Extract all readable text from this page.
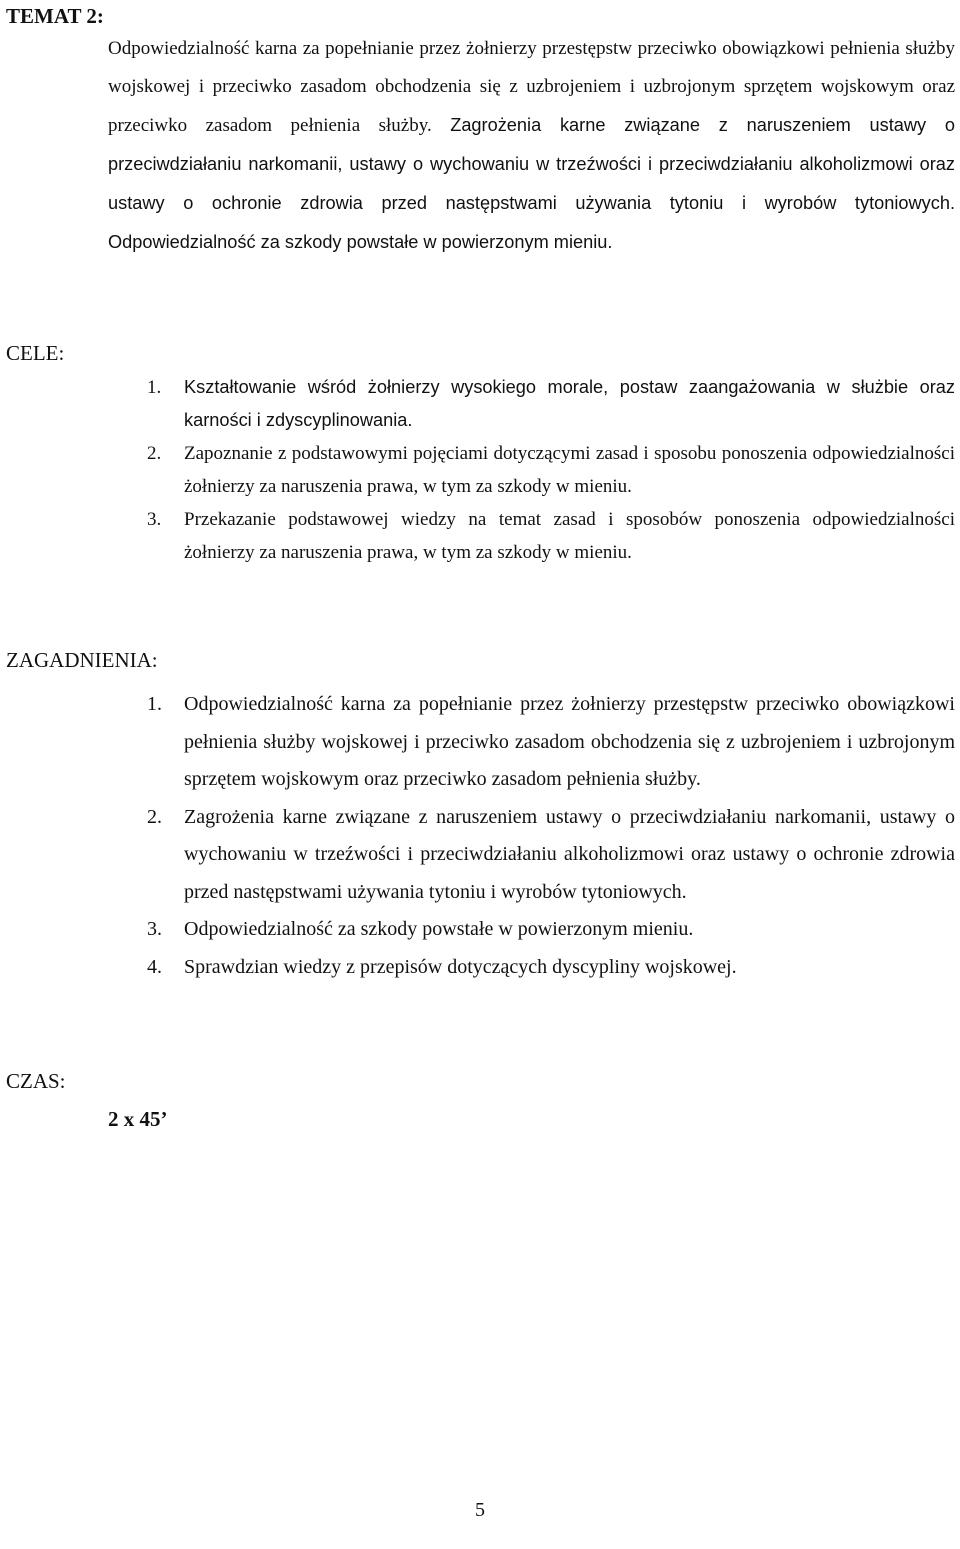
TEMAT 2:
Odpowiedzialność karna za popełnianie przez żołnierzy przestępstw przeciwko obowiązkowi pełnienia służby wojskowej i przeciwko zasadom obchodzenia się z uzbrojeniem i uzbrojonym sprzętem wojskowym oraz przeciwko zasadom pełnienia służby. Zagrożenia karne związane z naruszeniem ustawy o przeciwdziałaniu narkomanii, ustawy o wychowaniu w trzeźwości i przeciwdziałaniu alkoholizmowi oraz ustawy o ochronie zdrowia przed następstwami używania tytoniu i wyrobów tytoniowych. Odpowiedzialność za szkody powstałe w powierzonym mieniu.
CELE:
1. Kształtowanie wśród żołnierzy wysokiego morale, postaw zaangażowania w służbie oraz karności i zdyscyplinowania.
2. Zapoznanie z podstawowymi pojęciami dotyczącymi zasad i sposobu ponoszenia odpowiedzialności żołnierzy za naruszenia prawa, w tym za szkody w mieniu.
3. Przekazanie podstawowej wiedzy na temat zasad i sposobów ponoszenia odpowiedzialności żołnierzy za naruszenia prawa, w tym za szkody w mieniu.
ZAGADNIENIA:
1. Odpowiedzialność karna za popełnianie przez żołnierzy przestępstw przeciwko obowiązkowi pełnienia służby wojskowej i przeciwko zasadom obchodzenia się z uzbrojeniem i uzbrojonym sprzętem wojskowym oraz przeciwko zasadom pełnienia służby.
2. Zagrożenia karne związane z naruszeniem ustawy o przeciwdziałaniu narkomanii, ustawy o wychowaniu w trzeźwości i przeciwdziałaniu alkoholizmowi oraz ustawy o ochronie zdrowia przed następstwami używania tytoniu i wyrobów tytoniowych.
3. Odpowiedzialność za szkody powstałe w powierzonym mieniu.
4. Sprawdzian wiedzy z przepisów dotyczących dyscypliny wojskowej.
CZAS:
2 x 45’
5
